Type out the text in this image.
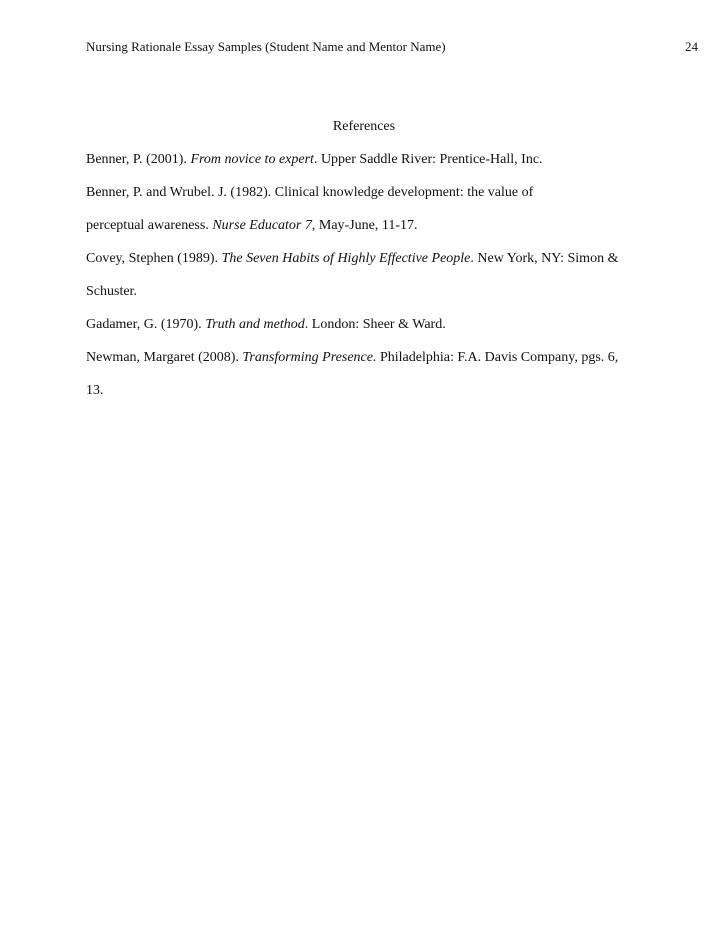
Nursing Rationale Essay Samples (Student Name and Mentor Name)	24
References
Benner, P. (2001). From novice to expert. Upper Saddle River: Prentice-Hall, Inc.
Benner, P. and Wrubel. J. (1982). Clinical knowledge development: the value of
perceptual awareness. Nurse Educator 7, May-June, 11-17.
Covey, Stephen (1989). The Seven Habits of Highly Effective People. New York, NY: Simon &
Schuster.
Gadamer, G. (1970). Truth and method. London: Sheer & Ward.
Newman, Margaret (2008). Transforming Presence. Philadelphia: F.A. Davis Company, pgs. 6,
13.
